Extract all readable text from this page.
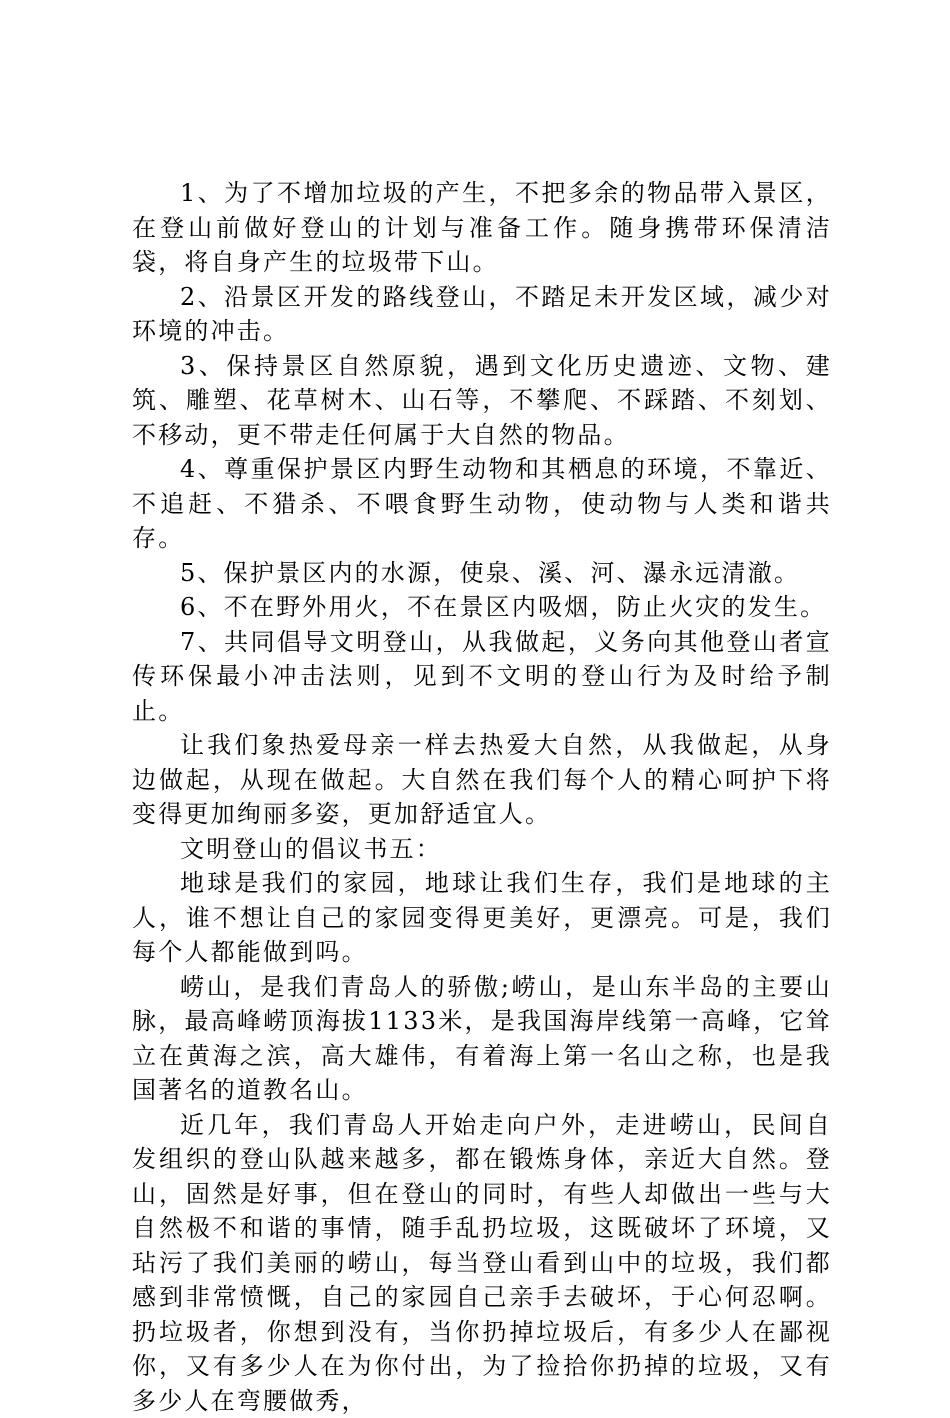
1、为了不增加垃圾的产生，不把多余的物品带入景区，在登山前做好登山的计划与准备工作。随身携带环保清洁袋，将自身产生的垃圾带下山。

2、沿景区开发的路线登山，不踏足未开发区域，减少对环境的冲击。

3、保持景区自然原貌，遇到文化历史遗迹、文物、建筑、雕塑、花草树木、山石等，不攀爬、不踩踏、不刻划、不移动，更不带走任何属于大自然的物品。

4、尊重保护景区内野生动物和其栖息的环境，不靠近、不追赶、不猎杀、不喂食野生动物，使动物与人类和谐共存。

5、保护景区内的水源，使泉、溪、河、瀑永远清澈。

6、不在野外用火，不在景区内吸烟，防止火灾的发生。

7、共同倡导文明登山，从我做起，义务向其他登山者宣传环保最小冲击法则，见到不文明的登山行为及时给予制止。

让我们象热爱母亲一样去热爱大自然，从我做起，从身边做起，从现在做起。大自然在我们每个人的精心呵护下将变得更加绚丽多姿，更加舒适宜人。

文明登山的倡议书五：

地球是我们的家园，地球让我们生存，我们是地球的主人，谁不想让自己的家园变得更美好，更漂亮。可是，我们每个人都能做到吗。

崂山，是我们青岛人的骄傲;崂山，是山东半岛的主要山脉，最高峰崂顶海拔1133米，是我国海岸线第一高峰，它耸立在黄海之滨，高大雄伟，有着海上第一名山之称，也是我国著名的道教名山。

近几年，我们青岛人开始走向户外，走进崂山，民间自发组织的登山队越来越多，都在锻炼身体，亲近大自然。登山，固然是好事，但在登山的同时，有些人却做出一些与大自然极不和谐的事情，随手乱扔垃圾，这既破坏了环境，又玷污了我们美丽的崂山，每当登山看到山中的垃圾，我们都感到非常愤慨，自己的家园自己亲手去破坏，于心何忍啊。扔垃圾者，你想到没有，当你扔掉垃圾后，有多少人在鄙视你，又有多少人在为你付出，为了捡拾你扔掉的垃圾，又有多少人在弯腰做秀，
